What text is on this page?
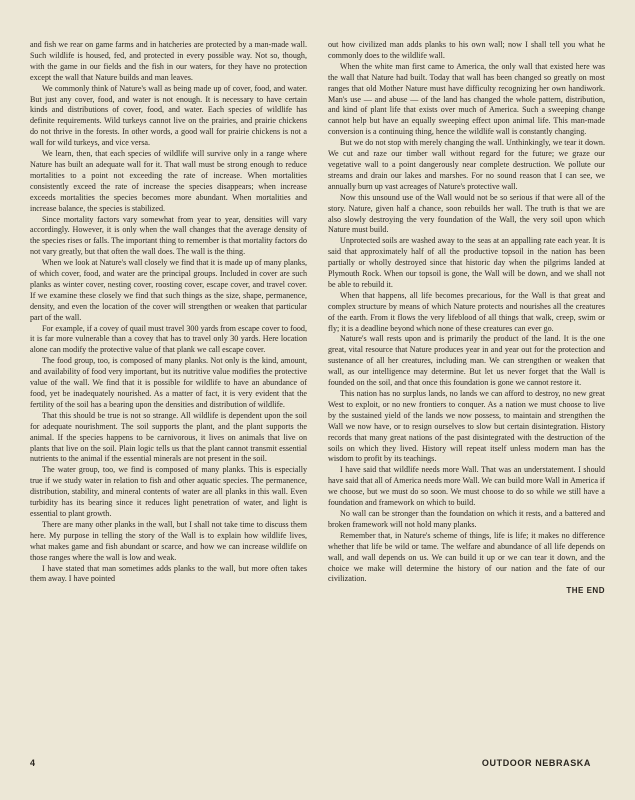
and fish we rear on game farms and in hatcheries are protected by a man-made wall. Such wildlife is housed, fed, and protected in every possible way. Not so, though, with the game in our fields and the fish in our waters, for they have no protection except the wall that Nature builds and man leaves.

We commonly think of Nature's wall as being made up of cover, food, and water. But just any cover, food, and water is not enough. It is necessary to have certain kinds and distributions of cover, food, and water. Each species of wildlife has definite requirements. Wild turkeys cannot live on the prairies, and prairie chickens do not thrive in the forests. In other words, a good wall for prairie chickens is not a wall for wild turkeys, and vice versa.

We learn, then, that each species of wildlife will survive only in a range where Nature has built an adequate wall for it. That wall must be strong enough to reduce mortalities to a point not exceeding the rate of increase. When mortalities consistently exceed the rate of increase the species disappears; when increase exceeds mortalities the species becomes more abundant. When mortalities and increase balance, the species is stabilized.

Since mortality factors vary somewhat from year to year, densities will vary accordingly. However, it is only when the wall changes that the average density of the species rises or falls. The important thing to remember is that mortality factors do not vary greatly, but that often the wall does. The wall is the thing.

When we look at Nature's wall closely we find that it is made up of many planks, of which cover, food, and water are the principal groups. Included in cover are such planks as winter cover, nesting cover, roosting cover, escape cover, and travel cover. If we examine these closely we find that such things as the size, shape, permanence, density, and even the location of the cover will strengthen or weaken that particular part of the wall.

For example, if a covey of quail must travel 300 yards from escape cover to food, it is far more vulnerable than a covey that has to travel only 30 yards. Here location alone can modify the protective value of that plank we call escape cover.

The food group, too, is composed of many planks. Not only is the kind, amount, and availability of food very important, but its nutritive value modifies the protective value of the wall. We find that it is possible for wildlife to have an abundance of food, yet be inadequately nourished. As a matter of fact, it is very evident that the fertility of the soil has a bearing upon the densities and distribution of wildlife.

That this should be true is not so strange. All wildlife is dependent upon the soil for adequate nourishment. The soil supports the plant, and the plant supports the animal. If the species happens to be carnivorous, it lives on animals that live on plants that live on the soil. Plain logic tells us that the plant cannot transmit essential nutrients to the animal if the essential minerals are not present in the soil.

The water group, too, we find is composed of many planks. This is especially true if we study water in relation to fish and other aquatic species. The permanence, distribution, stability, and mineral contents of water are all planks in this wall. Even turbidity has its bearing since it reduces light penetration of water, and light is essential to plant growth.

There are many other planks in the wall, but I shall not take time to discuss them here. My purpose in telling the story of the Wall is to explain how wildlife lives, what makes game and fish abundant or scarce, and how we can increase wildlife on those ranges where the wall is low and weak.

I have stated that man sometimes adds planks to the wall, but more often takes them away. I have pointed

out how civilized man adds planks to his own wall; now I shall tell you what he commonly does to the wildlife wall.

When the white man first came to America, the only wall that existed here was the wall that Nature had built. Today that wall has been changed so greatly on most ranges that old Mother Nature must have difficulty recognizing her own handiwork. Man's use — and abuse — of the land has changed the whole pattern, distribution, and kind of plant life that exists over much of America. Such a sweeping change cannot help but have an equally sweeping effect upon animal life. This man-made conversion is a continuing thing, hence the wildlife wall is constantly changing.

But we do not stop with merely changing the wall. Unthinkingly, we tear it down. We cut and raze our timber wall without regard for the future; we graze our vegetative wall to a point dangerously near complete destruction. We pollute our streams and drain our lakes and marshes. For no sound reason that I can see, we annually burn up vast acreages of Nature's protective wall.

Now this unsound use of the Wall would not be so serious if that were all of the story. Nature, given half a chance, soon rebuilds her wall. The truth is that we are also slowly destroying the very foundation of the Wall, the very soil upon which Nature must build.

Unprotected soils are washed away to the seas at an appalling rate each year. It is said that approximately half of all the productive topsoil in the nation has been partially or wholly destroyed since that historic day when the pilgrims landed at Plymouth Rock. When our topsoil is gone, the Wall will be down, and we shall not be able to rebuild it.

When that happens, all life becomes precarious, for the Wall is that great and complex structure by means of which Nature protects and nourishes all the creatures of the earth. From it flows the very lifeblood of all things that walk, creep, swim or fly; it is a deadline beyond which none of these creatures can ever go.

Nature's wall rests upon and is primarily the product of the land. It is the one great, vital resource that Nature produces year in and year out for the protection and sustenance of all her creatures, including man. We can strengthen or weaken that wall, as our intelligence may determine. But let us never forget that the Wall is founded on the soil, and that once this foundation is gone we cannot restore it.

This nation has no surplus lands, no lands we can afford to destroy, no new great West to exploit, or no new frontiers to conquer. As a nation we must choose to live by the sustained yield of the lands we now possess, to maintain and strengthen the Wall we now have, or to resign ourselves to slow but certain disintegration. History records that many great nations of the past disintegrated with the destruction of the soils on which they lived. History will repeat itself unless modern man has the wisdom to profit by its teachings.

I have said that wildlife needs more Wall. That was an understatement. I should have said that all of America needs more Wall. We can build more Wall in America if we choose, but we must do so soon. We must choose to do so while we still have a foundation and framework on which to build.

No wall can be stronger than the foundation on which it rests, and a battered and broken framework will not hold many planks.

Remember that, in Nature's scheme of things, life is life; it makes no difference whether that life be wild or tame. The welfare and abundance of all life depends on wall, and wall depends on us. We can build it up or we can tear it down, and the choice we make will determine the history of our nation and the fate of our civilization.

THE END
4	OUTDOOR NEBRASKA
